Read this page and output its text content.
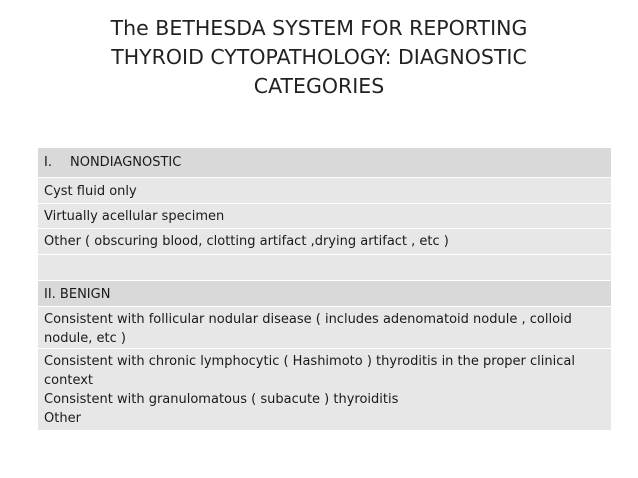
The BETHESDA SYSTEM FOR REPORTING
THYROID CYTOPATHOLOGY: DIAGNOSTIC
CATEGORIES
I. NONDIAGNOSTIC
Cyst fluid only
Virtually acellular specimen
Other ( obscuring blood, clotting artifact ,drying artifact , etc )
II. BENIGN
Consistent with follicular nodular disease ( includes adenomatoid nodule , colloid
nodule, etc )
Consistent with chronic lymphocytic ( Hashimoto ) thyroditis in the proper clinical
context
Consistent with granulomatous ( subacute ) thyroiditis
Other
